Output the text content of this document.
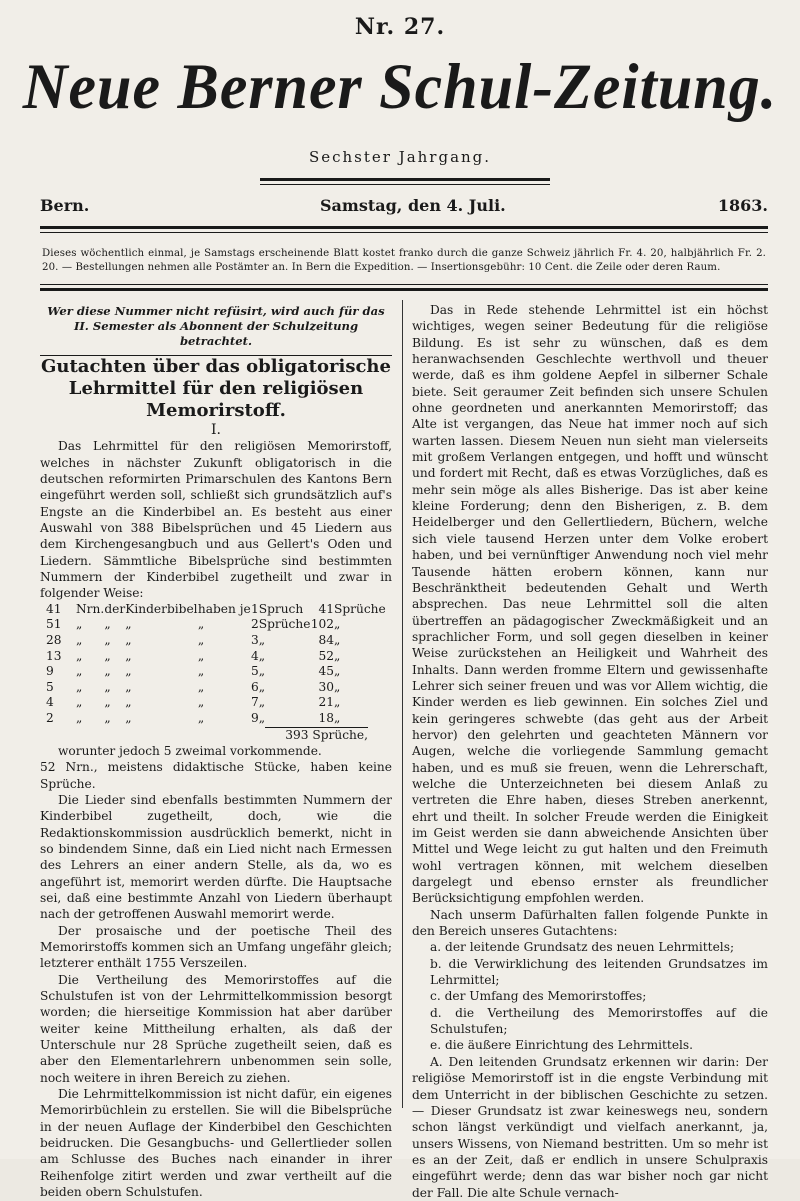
Nr. 27.
Neue Berner Schul-Zeitung.
Sechster Jahrgang.
Bern.	Samstag, den 4. Juli.	1863.
Dieses wöchentlich einmal, je Samstags erscheinende Blatt kostet franko durch die ganze Schweiz jährlich Fr. 4. 20, halbjährlich Fr. 2. 20. — Bestellungen nehmen alle Postämter an. In Bern die Expedition. — Insertionsgebühr: 10 Cent. die Zeile oder deren Raum.

Wer diese Nummer nicht refüsirt, wird auch für das II. Semester als Abonnent der Schulzeitung betrachtet.

Gutachten über das obligatorische Lehrmittel für den religiösen Memorirstoff.

I.

Das Lehrmittel für den religiösen Memorirstoff, welches in nächster Zukunft obligatorisch in die deutschen reformirten Primarschulen des Kantons Bern eingeführt werden soll, schließt sich grundsätzlich auf's Engste an die Kinderbibel an. Es besteht aus einer Auswahl von 388 Bibelsprüchen und 45 Liedern aus dem Kirchengesangbuch und aus Gellert's Oden und Liedern. Sämmtliche Bibelsprüche sind bestimmten Nummern der Kinderbibel zugetheilt und zwar in folgender Weise:

41	Nrn.	der	Kinderbibel	haben je	1	Spruch	41	Sprüche
51	„	„	„	„	2	Sprüche	102	„
28	„	„	„	„	3	„	84	„
13	„	„	„	„	4	„	52	„
9	„	„	„	„	5	„	45	„
5	„	„	„	„	6	„	30	„
4	„	„	„	„	7	„	21	„
2	„	„	„	„	9	„	18	„

393 Sprüche,

worunter jedoch 5 zweimal vorkommende.

52 Nrn., meistens didaktische Stücke, haben keine Sprüche.

Die Lieder sind ebenfalls bestimmten Nummern der Kinderbibel zugetheilt, doch, wie die Redaktionskommission ausdrücklich bemerkt, nicht in so bindendem Sinne, daß ein Lied nicht nach Ermessen des Lehrers an einer andern Stelle, als da, wo es angeführt ist, memorirt werden dürfte. Die Hauptsache sei, daß eine bestimmte Anzahl von Liedern überhaupt nach der getroffenen Auswahl memorirt werde.

Der prosaische und der poetische Theil des Memorirstoffs kommen sich an Umfang ungefähr gleich; letzterer enthält 1755 Verszeilen.

Die Vertheilung des Memorirstoffes auf die Schulstufen ist von der Lehrmittelkommission besorgt worden; die hierseitige Kommission hat aber darüber weiter keine Mittheilung erhalten, als daß der Unterschule nur 28 Sprüche zugetheilt seien, daß es aber den Elementarlehrern unbenommen sein solle, noch weitere in ihren Bereich zu ziehen.

Die Lehrmittelkommission ist nicht dafür, ein eigenes Memorirbüchlein zu erstellen. Sie will die Bibelsprüche in der neuen Auflage der Kinderbibel den Geschichten beidrucken. Die Gesangbuchs- und Gellertlieder sollen am Schlusse des Buches nach einander in ihrer Reihenfolge zitirt werden und zwar vertheilt auf die beiden obern Schulstufen.

Das in Rede stehende Lehrmittel ist ein höchst wichtiges, wegen seiner Bedeutung für die religiöse Bildung. Es ist sehr zu wünschen, daß es dem heranwachsenden Geschlechte werthvoll und theuer werde, daß es ihm goldene Aepfel in silberner Schale biete. Seit geraumer Zeit befinden sich unsere Schulen ohne geordneten und anerkannten Memorirstoff; das Alte ist vergangen, das Neue hat immer noch auf sich warten lassen. Diesem Neuen nun sieht man vielerseits mit großem Verlangen entgegen, und hofft und wünscht und fordert mit Recht, daß es etwas Vorzügliches, daß es mehr sein möge als alles Bisherige. Das ist aber keine kleine Forderung; denn den Bisherigen, z. B. dem Heidelberger und den Gellertliedern, Büchern, welche sich viele tausend Herzen unter dem Volke erobert haben, und bei vernünftiger Anwendung noch viel mehr Tausende hätten erobern können, kann nur Beschränktheit bedeutenden Gehalt und Werth absprechen. Das neue Lehrmittel soll die alten übertreffen an pädagogischer Zweckmäßigkeit und an sprachlicher Form, und soll gegen dieselben in keiner Weise zurückstehen an Heiligkeit und Wahrheit des Inhalts. Dann werden fromme Eltern und gewissenhafte Lehrer sich seiner freuen und was vor Allem wichtig, die Kinder werden es lieb gewinnen. Ein solches Ziel und kein geringeres schwebte (das geht aus der Arbeit hervor) den gelehrten und geachteten Männern vor Augen, welche die vorliegende Sammlung gemacht haben, und es muß sie freuen, wenn die Lehrerschaft, welche die Unterzeichneten bei diesem Anlaß zu vertreten die Ehre haben, dieses Streben anerkennt, ehrt und theilt. In solcher Freude werden die Einigkeit im Geist werden sie dann abweichende Ansichten über Mittel und Wege leicht zu gut halten und den Freimuth wohl vertragen können, mit welchem dieselben dargelegt und ebenso ernster als freundlicher Berücksichtigung empfohlen werden.

Nach unserm Dafürhalten fallen folgende Punkte in den Bereich unseres Gutachtens:

a. der leitende Grundsatz des neuen Lehrmittels;

b. die Verwirklichung des leitenden Grundsatzes im Lehrmittel;

c. der Umfang des Memorirstoffes;

d. die Vertheilung des Memorirstoffes auf die Schulstufen;

e. die äußere Einrichtung des Lehrmittels.

A. Den leitenden Grundsatz erkennen wir darin: Der religiöse Memorirstoff ist in die engste Verbindung mit dem Unterricht in der biblischen Geschichte zu setzen. — Dieser Grundsatz ist zwar keineswegs neu, sondern schon längst verkündigt und vielfach anerkannt, ja, unsers Wissens, von Niemand bestritten. Um so mehr ist es an der Zeit, daß er endlich in unsere Schulpraxis eingeführt werde; denn das war bisher noch gar nicht der Fall. Die alte Schule vernach-
